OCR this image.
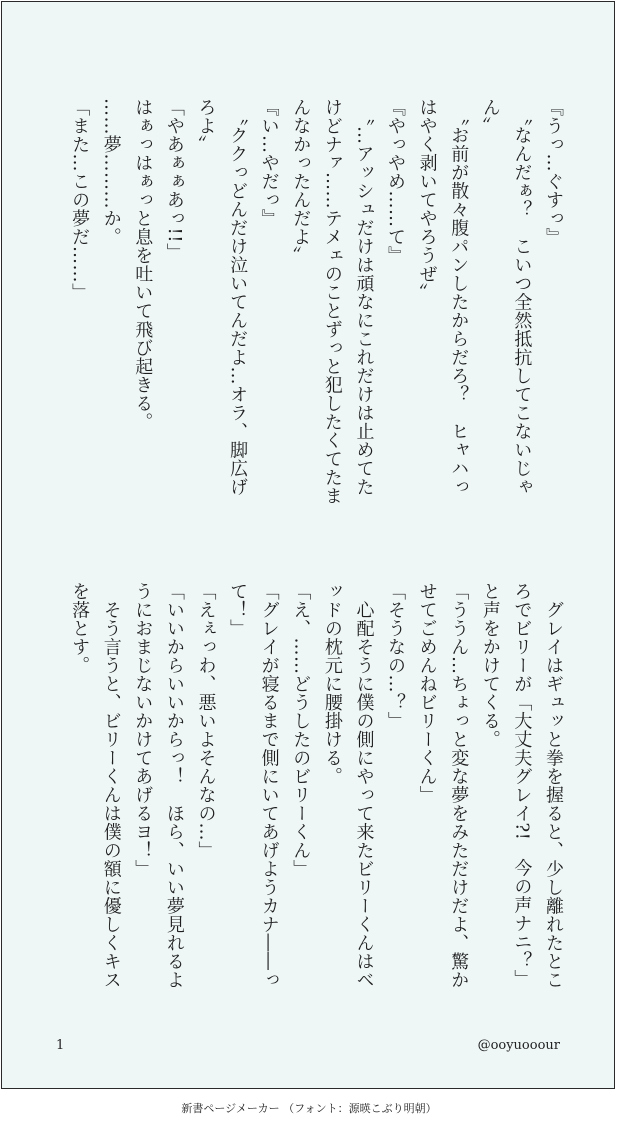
『うっ…ぐすっ』
　〝なんだぁ？　こいつ全然抵抗してこないじゃ
ん〟
　〝お前が散々腹パンしたからだろ？　ヒャハっ
はやく剥いてやろうぜ〟
『やっやめ……て』
　〝…アッシュだけは頑なにこれだけは止めてた
けどナァ……テメェのことずっと犯したくてたま
んなかったんだよ〟
『い…やだっ』
　〝ククっどんだけ泣いてんだよ…オラ、脚広げ
ろよ〟
「やあぁぁあっ!!」
はぁっはぁっと息を吐いて飛び起きる。
……夢………か。
「また…この夢だ……」
　グレイはギュッと拳を握ると、少し離れたとこ
ろでビリーが「大丈夫グレイ?!　今の声ナニ？」
と声をかけてくる。
「ううん…ちょっと変な夢をみただけだよ、驚か
せてごめんねビリーくん」
「そうなの…？」
　心配そうに僕の側にやって来たビリーくんはベ
ッドの枕元に腰掛ける。
「え、……どうしたのビリーくん」
「グレイが寝るまで側にいてあげようカナ――っ
て！」
「えぇっわ、悪いよそんなの…」
「いいからいいからっ！　ほら、いい夢見れるよ
うにおまじないかけてあげるヨ！」
　そう言うと、ビリーくんは僕の額に優しくキス
を落とす。
1	@ooyuooour
新書ページメーカー （フォント：源暎こぶり明朝）
